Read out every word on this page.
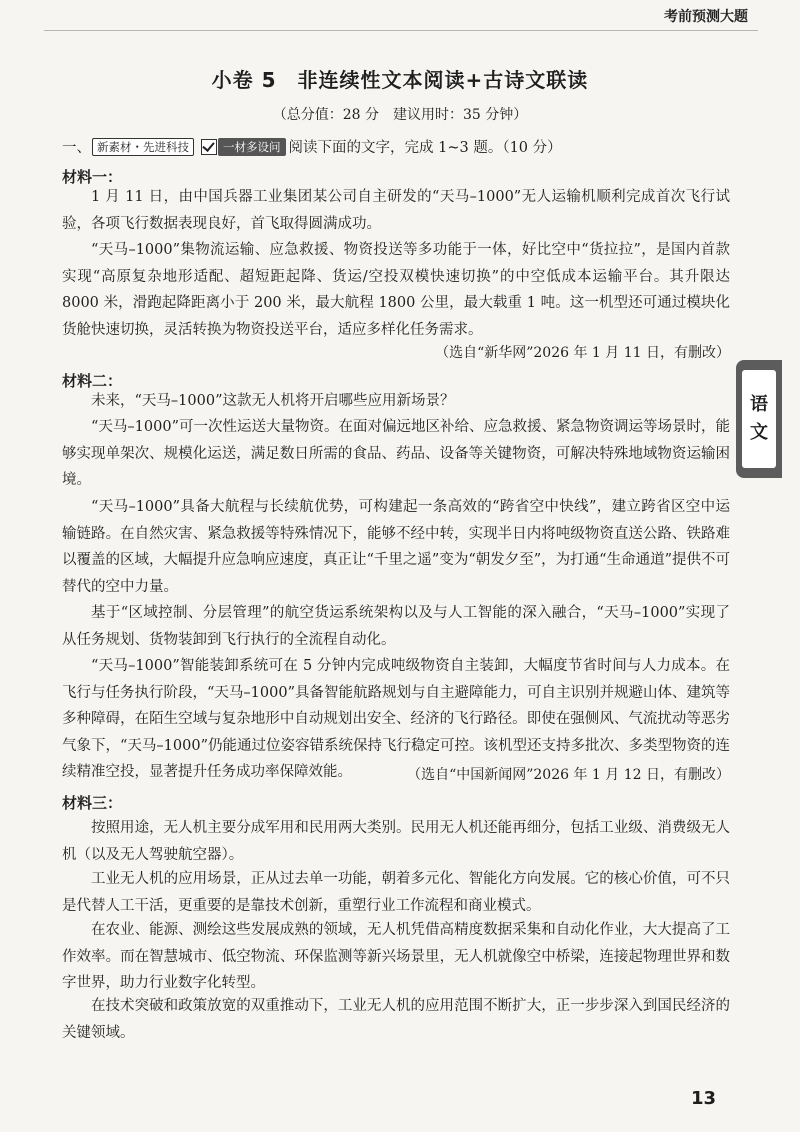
考前预测大题
小卷 5　非连续性文本阅读+古诗文联读
（总分值：28 分　建议用时：35 分钟）
一、 新素材・先进科技	一材多设问 阅读下面的文字，完成 1~3 题。（10 分）
材料一：

1 月 11 日，由中国兵器工业集团某公司自主研发的“天马–1000”无人运输机顺利完成首次飞行试验，各项飞行数据表现良好，首飞取得圆满成功。

“天马–1000”集物流运输、应急救援、物资投送等多功能于一体，好比空中“货拉拉”，是国内首款实现“高原复杂地形适配、超短距起降、货运/空投双模快速切换”的中空低成本运输平台。其升限达 8000 米，滑跑起降距离小于 200 米，最大航程 1800 公里，最大载重 1 吨。这一机型还可通过模块化货舱快速切换，灵活转换为物资投送平台，适应多样化任务需求。

（选自“新华网”2026 年 1 月 11 日，有删改）
材料二：

未来，“天马–1000”这款无人机将开启哪些应用新场景？

“天马–1000”可一次性运送大量物资。在面对偏远地区补给、应急救援、紧急物资调运等场景时，能够实现单架次、规模化运送，满足数日所需的食品、药品、设备等关键物资，可解决特殊地域物资运输困境。

“天马–1000”具备大航程与长续航优势，可构建起一条高效的“跨省空中快线”，建立跨省区空中运输链路。在自然灾害、紧急救援等特殊情况下，能够不经中转，实现半日内将吨级物资直送公路、铁路难以覆盖的区域，大幅提升应急响应速度，真正让“千里之遥”变为“朝发夕至”，为打通“生命通道”提供不可替代的空中力量。

基于“区域控制、分层管理”的航空货运系统架构以及与人工智能的深入融合，“天马–1000”实现了从任务规划、货物装卸到飞行执行的全流程自动化。

“天马–1000”智能装卸系统可在 5 分钟内完成吨级物资自主装卸，大幅度节省时间与人力成本。在飞行与任务执行阶段，“天马–1000”具备智能航路规划与自主避障能力，可自主识别并规避山体、建筑等多种障碍，在陌生空域与复杂地形中自动规划出安全、经济的飞行路径。即使在强侧风、气流扰动等恶劣气象下，“天马–1000”仍能通过位姿容错系统保持飞行稳定可控。该机型还支持多批次、多类型物资的连续精准空投，显著提升任务成功率保障效能。	（选自“中国新闻网”2026 年 1 月 12 日，有删改）
材料三：

按照用途，无人机主要分成军用和民用两大类别。民用无人机还能再细分，包括工业级、消费级无人机（以及无人驾驶航空器）。

工业无人机的应用场景，正从过去单一功能，朝着多元化、智能化方向发展。它的核心价值，可不只是代替人工干活，更重要的是靠技术创新，重塑行业工作流程和商业模式。

在农业、能源、测绘这些发展成熟的领域，无人机凭借高精度数据采集和自动化作业，大大提高了工作效率。而在智慧城市、低空物流、环保监测等新兴场景里，无人机就像空中桥梁，连接起物理世界和数字世界，助力行业数字化转型。

在技术突破和政策放宽的双重推动下，工业无人机的应用范围不断扩大，正一步步深入到国民经济的关键领域。

语
文
13
